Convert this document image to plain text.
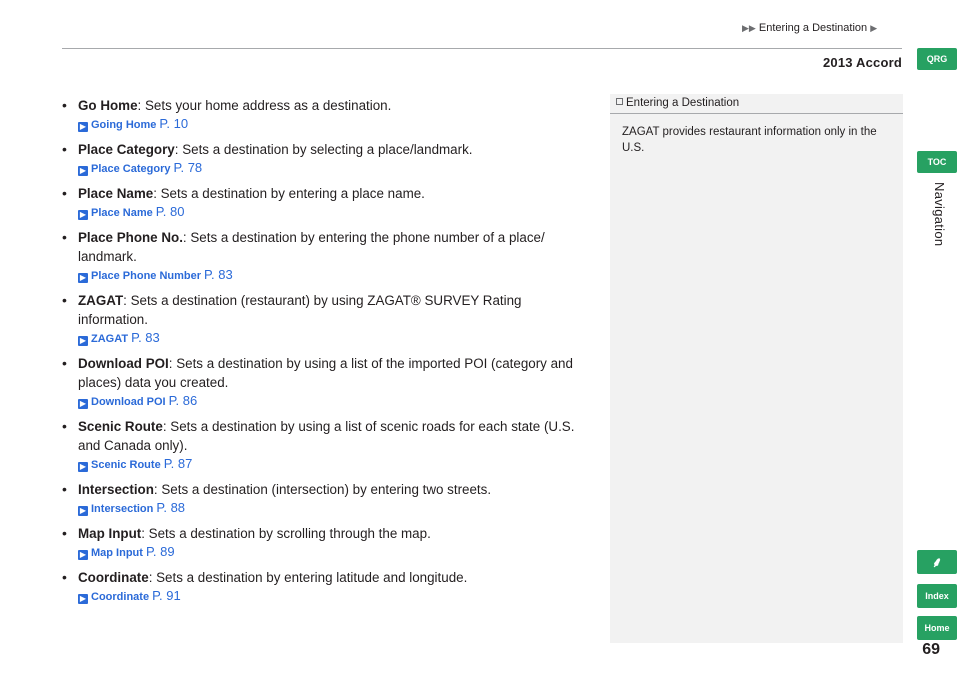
▶▶ Entering a Destination ▶
2013 Accord
• Go Home: Sets your home address as a destination.
▶ Going Home P. 10
• Place Category: Sets a destination by selecting a place/landmark.
▶ Place Category P. 78
• Place Name: Sets a destination by entering a place name.
▶ Place Name P. 80
• Place Phone No.: Sets a destination by entering the phone number of a place/ landmark.
▶ Place Phone Number P. 83
• ZAGAT: Sets a destination (restaurant) by using ZAGAT® SURVEY Rating information.
▶ ZAGAT P. 83
• Download POI: Sets a destination by using a list of the imported POI (category and places) data you created.
▶ Download POI P. 86
• Scenic Route: Sets a destination by using a list of scenic roads for each state (U.S. and Canada only).
▶ Scenic Route P. 87
• Intersection: Sets a destination (intersection) by entering two streets.
▶ Intersection P. 88
• Map Input: Sets a destination by scrolling through the map.
▶ Map Input P. 89
• Coordinate: Sets a destination by entering latitude and longitude.
▶ Coordinate P. 91
Entering a Destination
ZAGAT provides restaurant information only in the U.S.
QRG
TOC
Navigation
⸙
Index
Home
69
